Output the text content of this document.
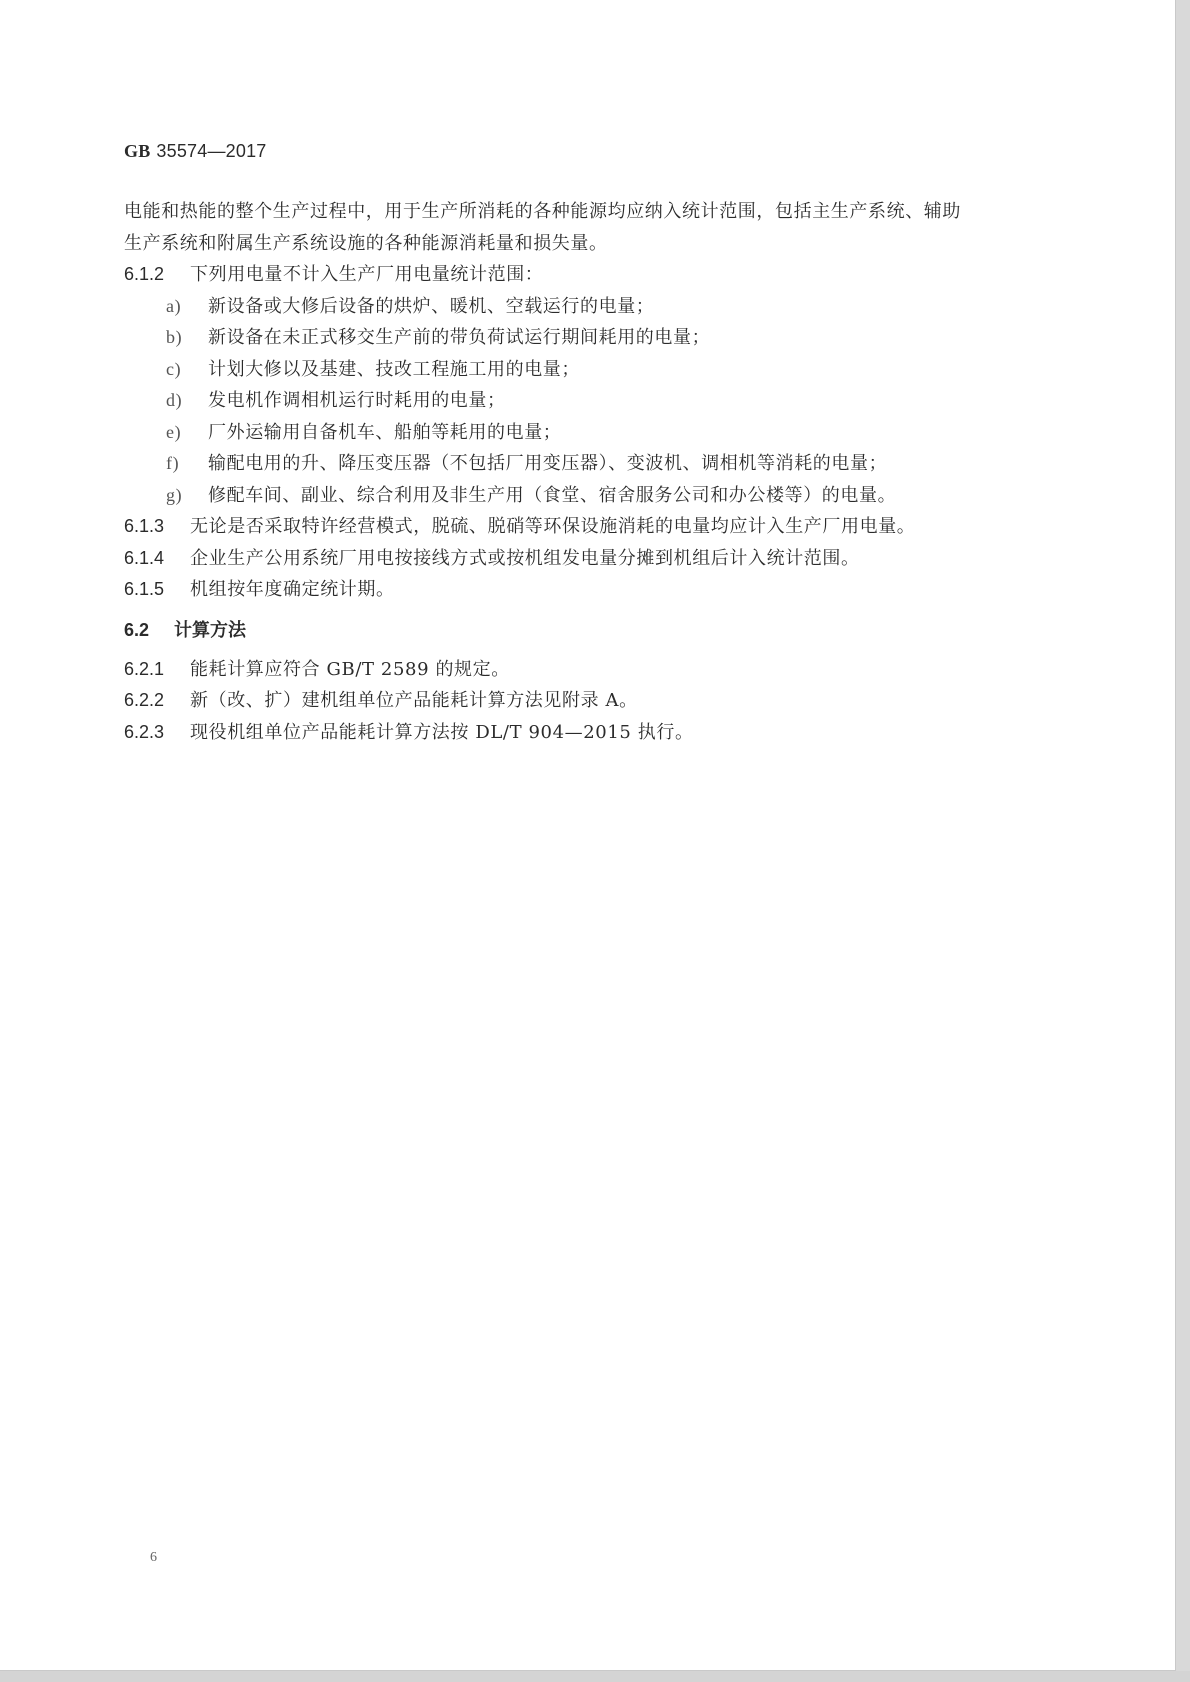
GB 35574—2017
电能和热能的整个生产过程中，用于生产所消耗的各种能源均应纳入统计范围，包括主生产系统、辅助
生产系统和附属生产系统设施的各种能源消耗量和损失量。
6.1.2 下列用电量不计入生产厂用电量统计范围：
a) 新设备或大修后设备的烘炉、暖机、空载运行的电量；
b) 新设备在未正式移交生产前的带负荷试运行期间耗用的电量；
c) 计划大修以及基建、技改工程施工用的电量；
d) 发电机作调相机运行时耗用的电量；
e) 厂外运输用自备机车、船舶等耗用的电量；
f) 输配电用的升、降压变压器（不包括厂用变压器）、变波机、调相机等消耗的电量；
g) 修配车间、副业、综合利用及非生产用（食堂、宿舍服务公司和办公楼等）的电量。
6.1.3 无论是否采取特许经营模式，脱硫、脱硝等环保设施消耗的电量均应计入生产厂用电量。
6.1.4 企业生产公用系统厂用电按接线方式或按机组发电量分摊到机组后计入统计范围。
6.1.5 机组按年度确定统计期。
6.2 计算方法
6.2.1 能耗计算应符合 GB/T 2589 的规定。
6.2.2 新（改、扩）建机组单位产品能耗计算方法见附录 A。
6.2.3 现役机组单位产品能耗计算方法按 DL/T 904—2015 执行。
6
